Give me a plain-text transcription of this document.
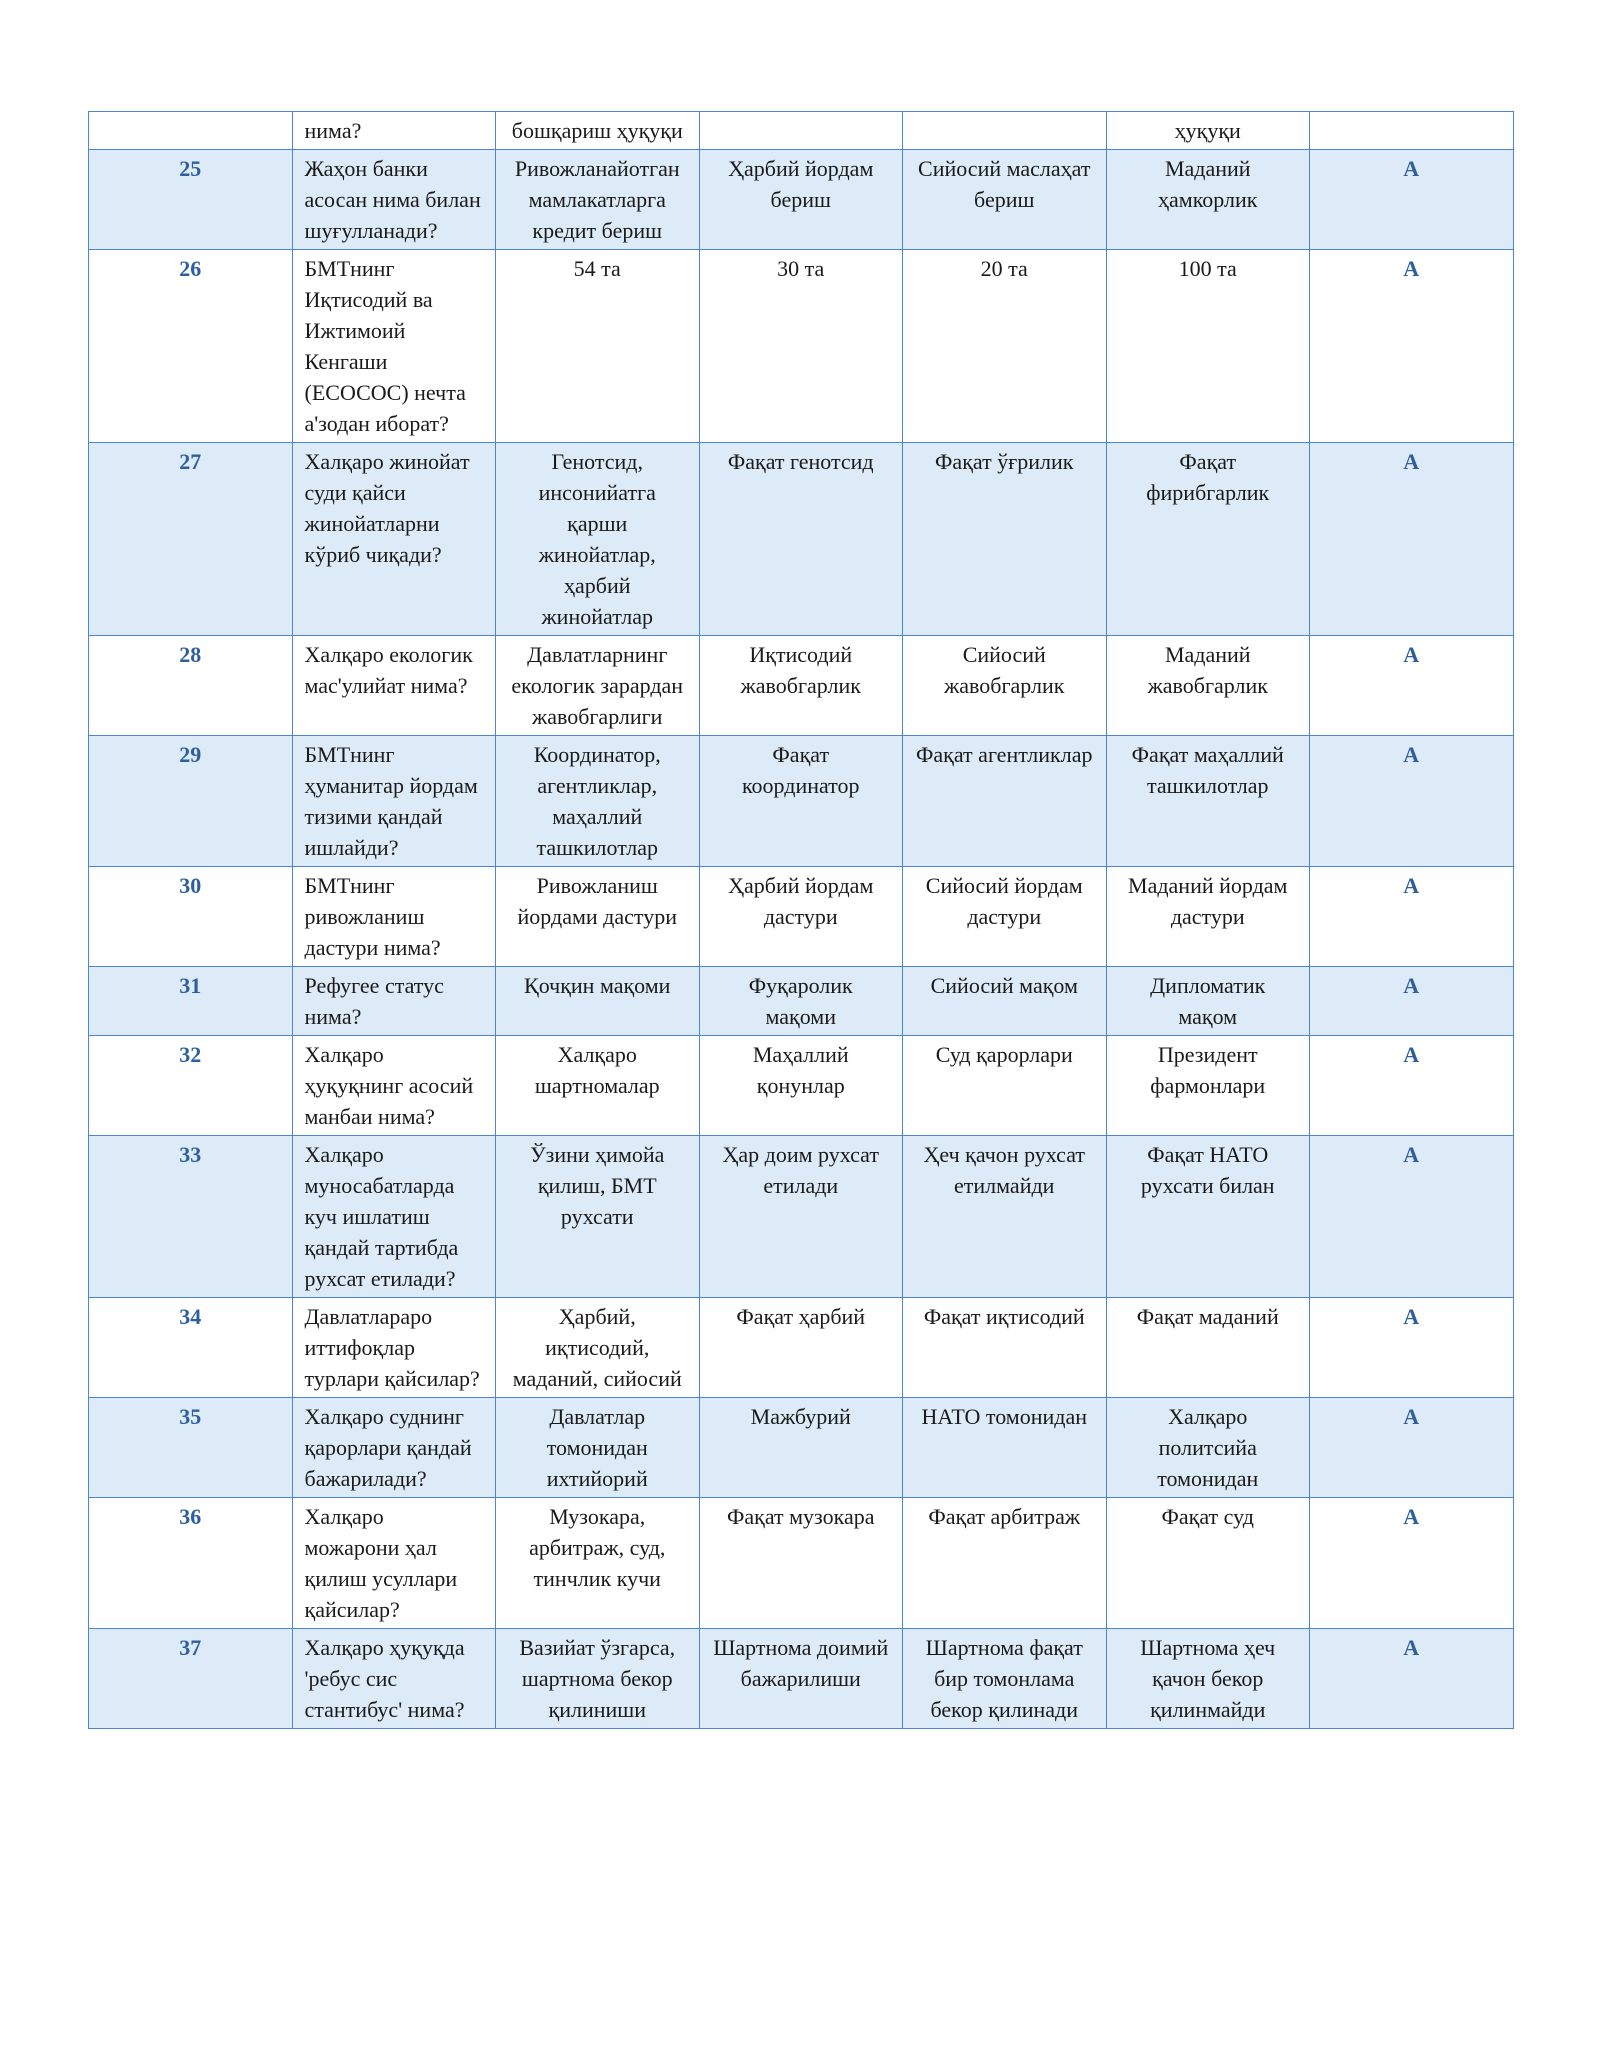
	нима?	бошқариш ҳуқуқи			ҳуқуқи	
25	Жаҳон банки асосан нима билан шуғулланади?	Ривожланайотган мамлакатларга кредит бериш	Ҳарбий йордам бериш	Сийосий маслаҳат бериш	Маданий ҳамкорлик	A
26	БМТнинг Иқтисодий ва Ижтимоий Кенгаши (ЕCОСОC) нечта а'зодан иборат?	54 та	30 та	20 та	100 та	A
27	Халқаро жинойат суди қайси жинойатларни кўриб чиқади?	Генотсид, инсонийатга қарши жинойатлар, ҳарбий жинойатлар	Фақат генотсид	Фақат ўғрилик	Фақат фирибгарлик	A
28	Халқаро екологик мас'улийат нима?	Давлатларнинг екологик зарардан жавобгарлиги	Иқтисодий жавобгарлик	Сийосий жавобгарлик	Маданий жавобгарлик	A
29	БМТнинг ҳуманитар йордам тизими қандай ишлайди?	Координатор, агентликлар, маҳаллий ташкилотлар	Фақат координатор	Фақат агентликлар	Фақат маҳаллий ташкилотлар	A
30	БМТнинг ривожланиш дастури нима?	Ривожланиш йордами дастури	Ҳарбий йордам дастури	Сийосий йордам дастури	Маданий йордам дастури	A
31	Рефугее статус нима?	Қочқин мақоми	Фуқаролик мақоми	Сийосий мақом	Дипломатик мақом	A
32	Халқаро ҳуқуқнинг асосий манбаи нима?	Халқаро шартномалар	Маҳаллий қонунлар	Суд қарорлари	Президент фармонлари	A
33	Халқаро муносабатларда куч ишлатиш қандай тартибда рухсат етилади?	Ўзини ҳимойа қилиш, БМТ рухсати	Ҳар доим рухсат етилади	Ҳеч қачон рухсат етилмайди	Фақат НАТО рухсати билан	A
34	Давлатлараро иттифоқлар турлари қайсилар?	Ҳарбий, иқтисодий, маданий, сийосий	Фақат ҳарбий	Фақат иқтисодий	Фақат маданий	A
35	Халқаро суднинг қарорлари қандай бажарилади?	Давлатлар томонидан ихтийорий	Мажбурий	НАТО томонидан	Халқаро политсийа томонидан	A
36	Халқаро можарони ҳал қилиш усуллари қайсилар?	Музокара, арбитраж, суд, тинчлик кучи	Фақат музокара	Фақат арбитраж	Фақат суд	A
37	Халқаро ҳуқуқда 'ребус сис стантибус' нима?	Вазийат ўзгарса, шартнома бекор қилиниши	Шартнома доимий бажарилиши	Шартнома фақат бир томонлама бекор қилинади	Шартнома ҳеч қачон бекор қилинмайди	A
